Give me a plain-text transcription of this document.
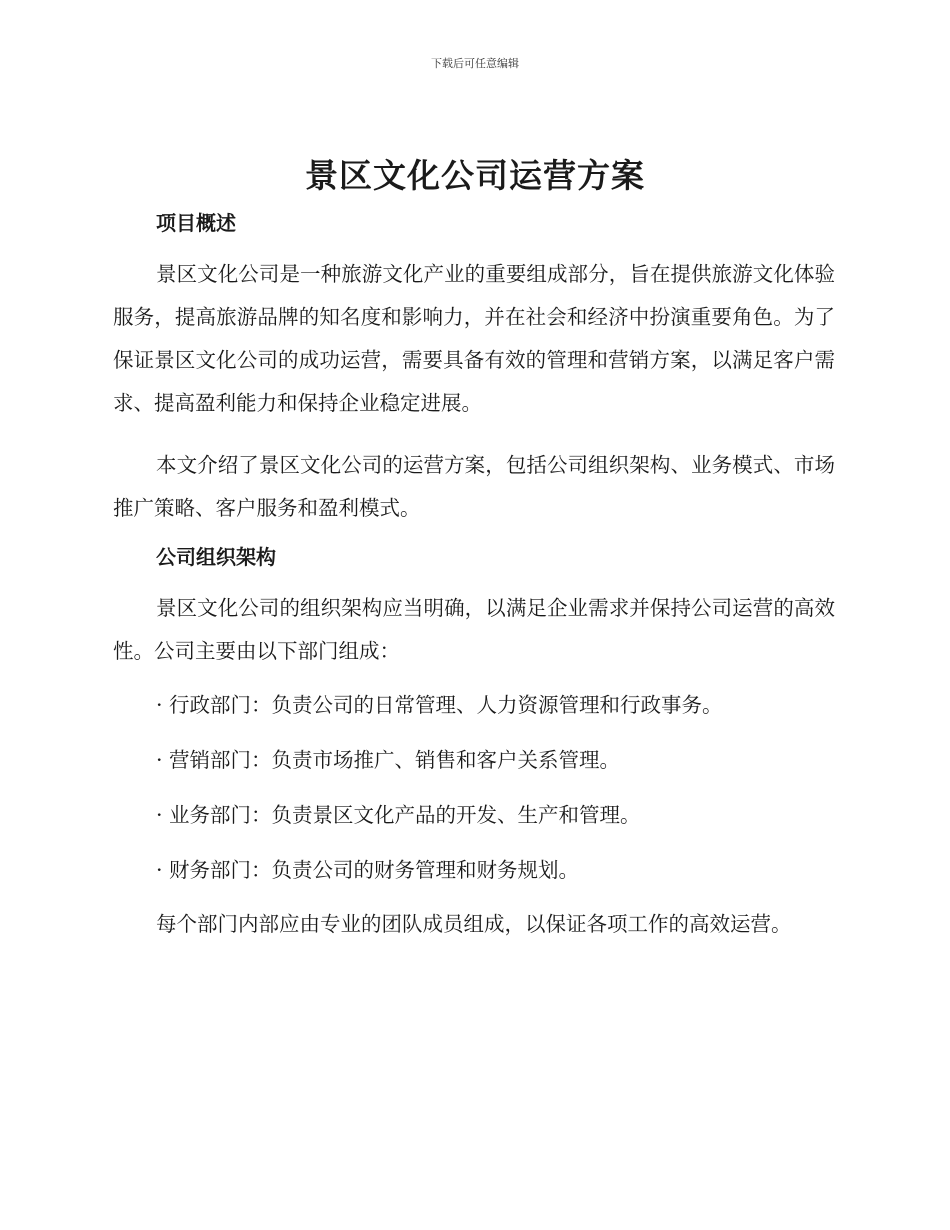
下载后可任意编辑
景区文化公司运营方案
项目概述

景区文化公司是一种旅游文化产业的重要组成部分，旨在提供旅游文化体验服务，提高旅游品牌的知名度和影响力，并在社会和经济中扮演重要角色。为了保证景区文化公司的成功运营，需要具备有效的管理和营销方案，以满足客户需求、提高盈利能力和保持企业稳定进展。

本文介绍了景区文化公司的运营方案，包括公司组织架构、业务模式、市场推广策略、客户服务和盈利模式。

公司组织架构

景区文化公司的组织架构应当明确，以满足企业需求并保持公司运营的高效性。公司主要由以下部门组成：

· 行政部门：负责公司的日常管理、人力资源管理和行政事务。

· 营销部门：负责市场推广、销售和客户关系管理。

· 业务部门：负责景区文化产品的开发、生产和管理。

· 财务部门：负责公司的财务管理和财务规划。

每个部门内部应由专业的团队成员组成，以保证各项工作的高效运营。
